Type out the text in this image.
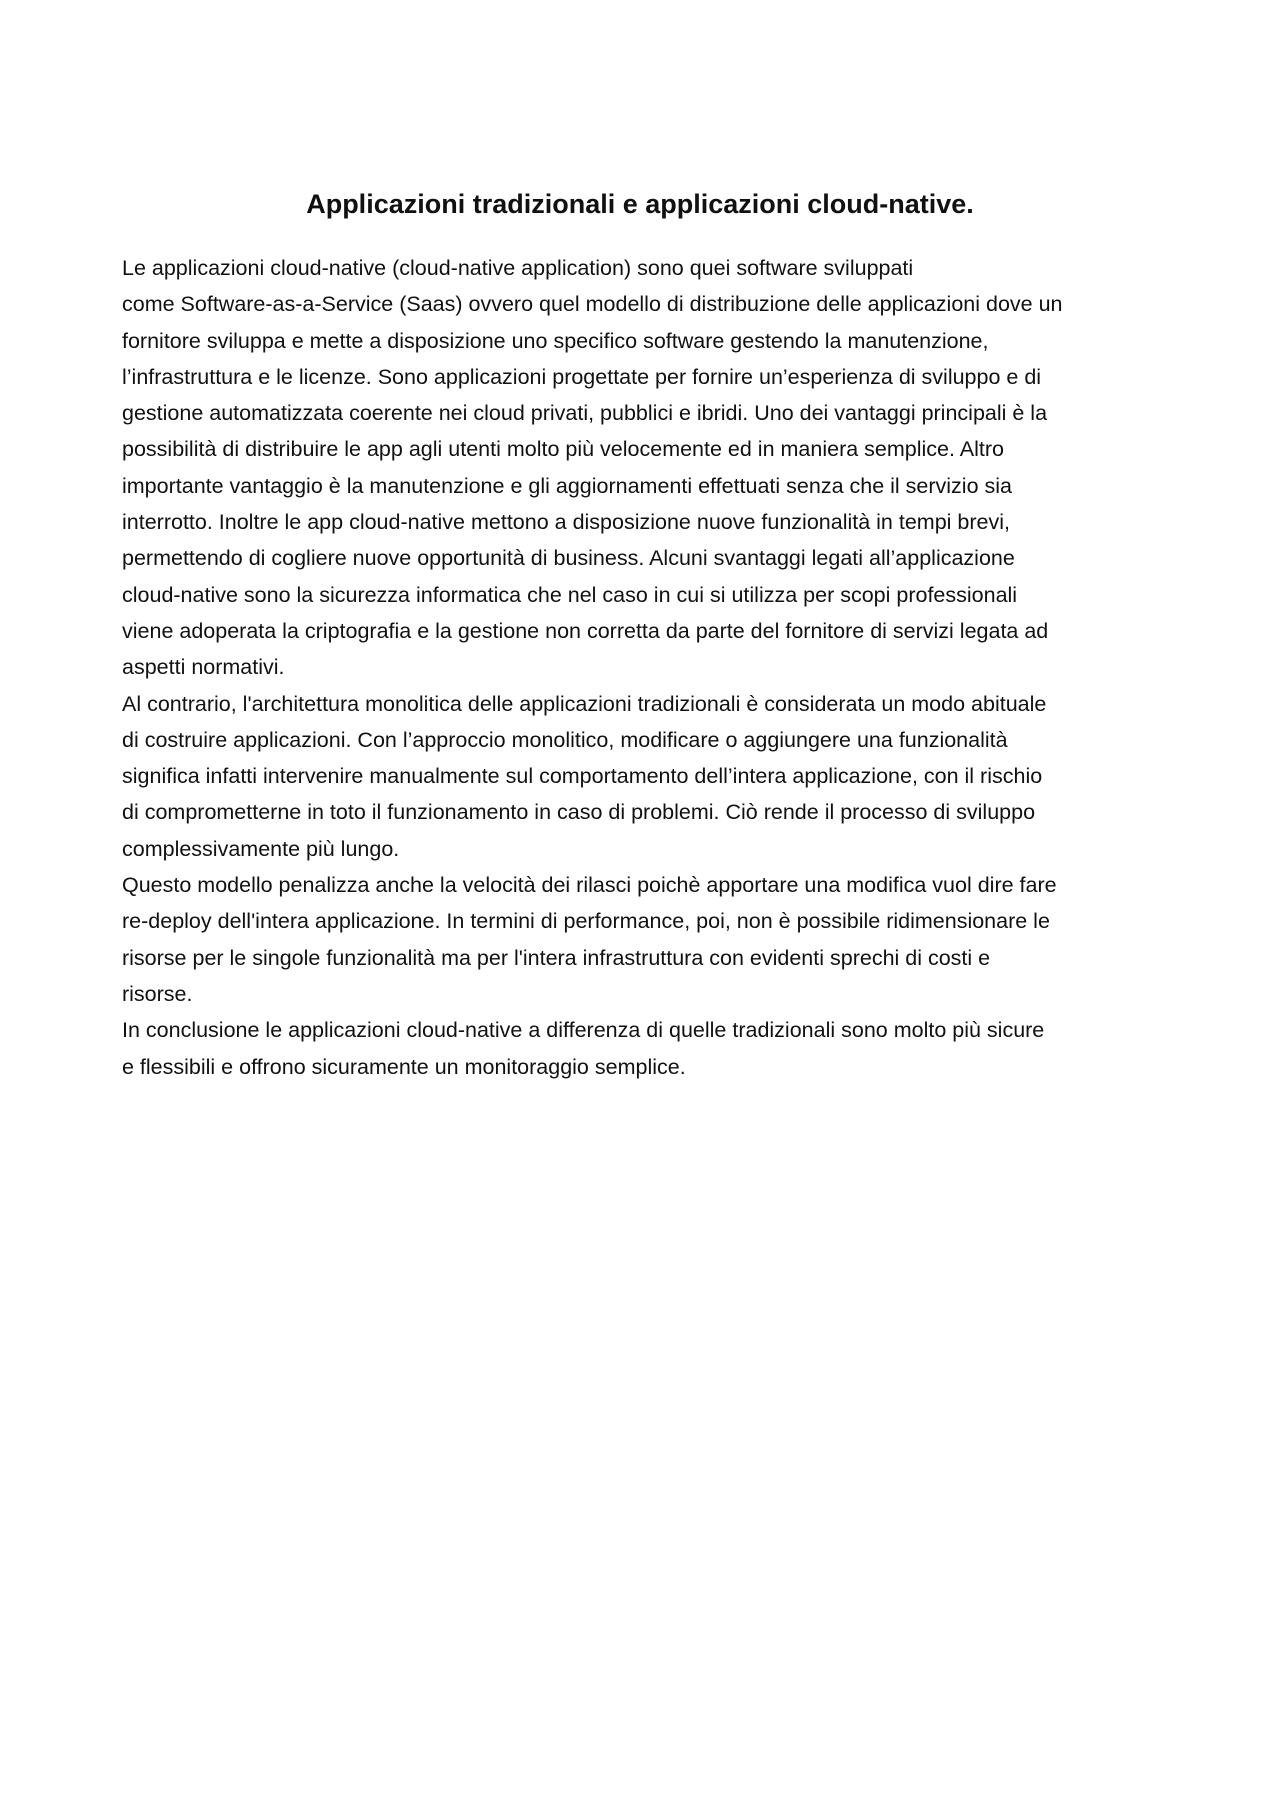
Applicazioni tradizionali e applicazioni cloud-native.
Le applicazioni cloud-native (cloud-native application) sono quei software sviluppati
come Software-as-a-Service (Saas) ovvero quel modello di distribuzione delle applicazioni dove un
fornitore sviluppa e mette a disposizione uno specifico software gestendo la manutenzione,
l’infrastruttura e le licenze. Sono applicazioni progettate per fornire un’esperienza di sviluppo e di
gestione automatizzata coerente nei cloud privati, pubblici e ibridi. Uno dei vantaggi principali è la
possibilità di distribuire le app agli utenti molto più velocemente ed in maniera semplice. Altro
importante vantaggio è la manutenzione e gli aggiornamenti effettuati senza che il servizio sia
interrotto. Inoltre le app cloud-native mettono a disposizione nuove funzionalità in tempi brevi,
permettendo di cogliere nuove opportunità di business. Alcuni svantaggi legati all’applicazione
cloud-native sono la sicurezza informatica che nel caso in cui si utilizza per scopi professionali
viene adoperata la criptografia e la gestione non corretta da parte del fornitore di servizi legata ad
aspetti normativi.
Al contrario, l'architettura monolitica delle applicazioni tradizionali è considerata un modo abituale
di costruire applicazioni. Con l’approccio monolitico, modificare o aggiungere una funzionalità
significa infatti intervenire manualmente sul comportamento dell’intera applicazione, con il rischio
di comprometterne in toto il funzionamento in caso di problemi. Ciò rende il processo di sviluppo
complessivamente più lungo.
Questo modello penalizza anche la velocità dei rilasci poichè apportare una modifica vuol dire fare
re-deploy dell'intera applicazione. In termini di performance, poi, non è possibile ridimensionare le
risorse per le singole funzionalità ma per l'intera infrastruttura con evidenti sprechi di costi e
risorse.
In conclusione le applicazioni cloud-native a differenza di quelle tradizionali sono molto più sicure
e flessibili e offrono sicuramente un monitoraggio semplice.
